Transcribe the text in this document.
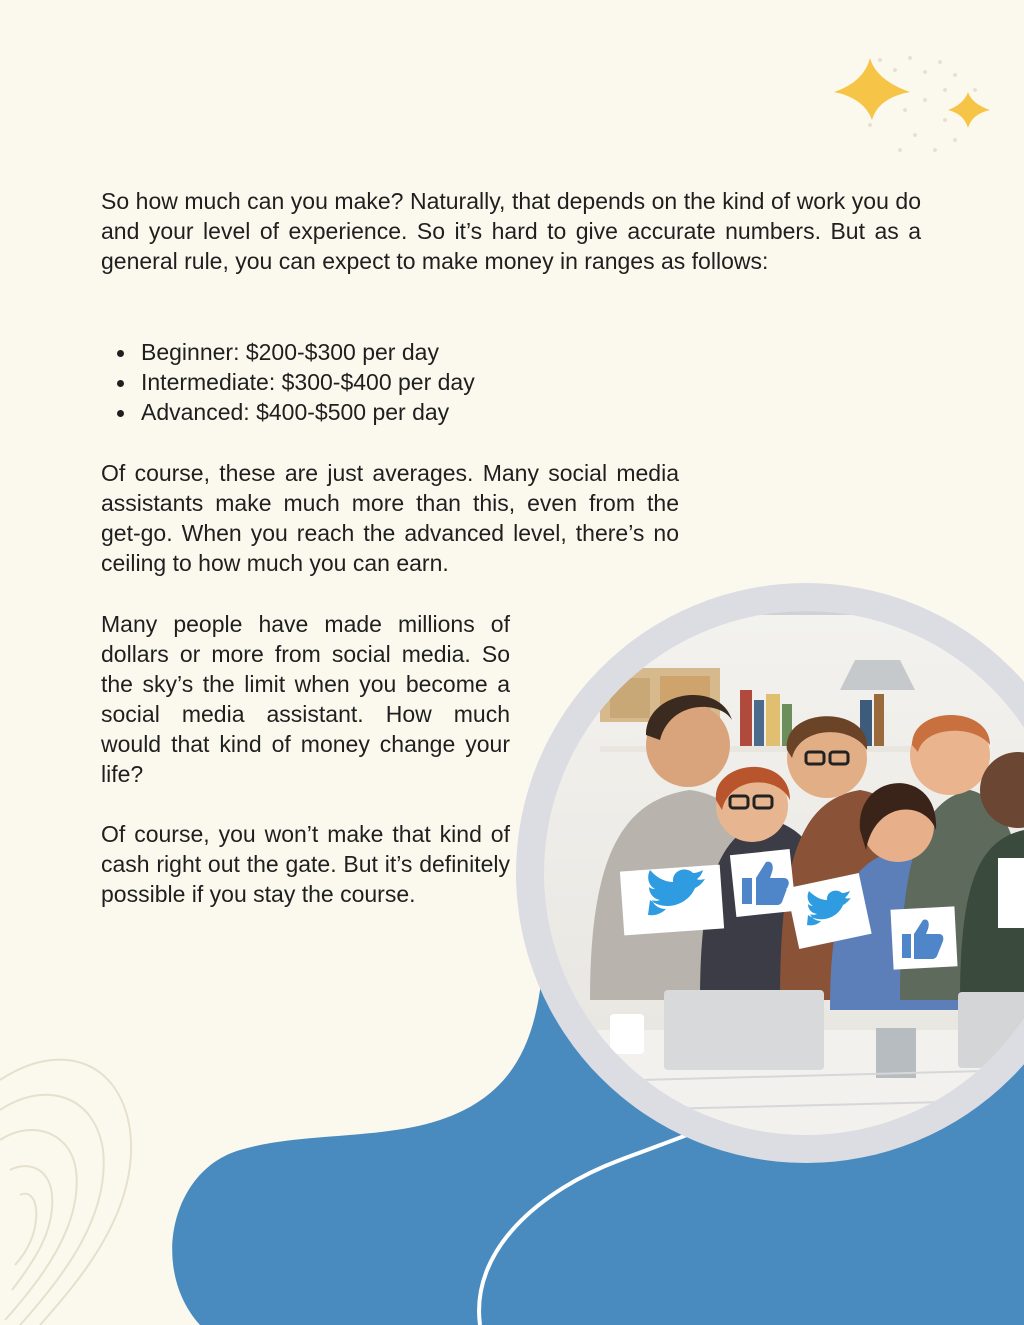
So how much can you make? Naturally, that depends on the kind of work you do and your level of experience. So it’s hard to give accurate numbers. But as a general rule, you can expect to make money in ranges as follows:

Beginner: $200-$300 per day
Intermediate: $300-$400 per day
Advanced: $400-$500 per day

Of course, these are just averages. Many social media assistants make much more than this, even from the get-go. When you reach the advanced level, there’s no ceiling to how much you can earn.

Many people have made millions of dollars or more from social media. So the sky’s the limit when you become a social media assistant. How much would that kind of money change your life?

Of course, you won’t make that kind of cash right out the gate. But it’s definitely possible if you stay the course.
